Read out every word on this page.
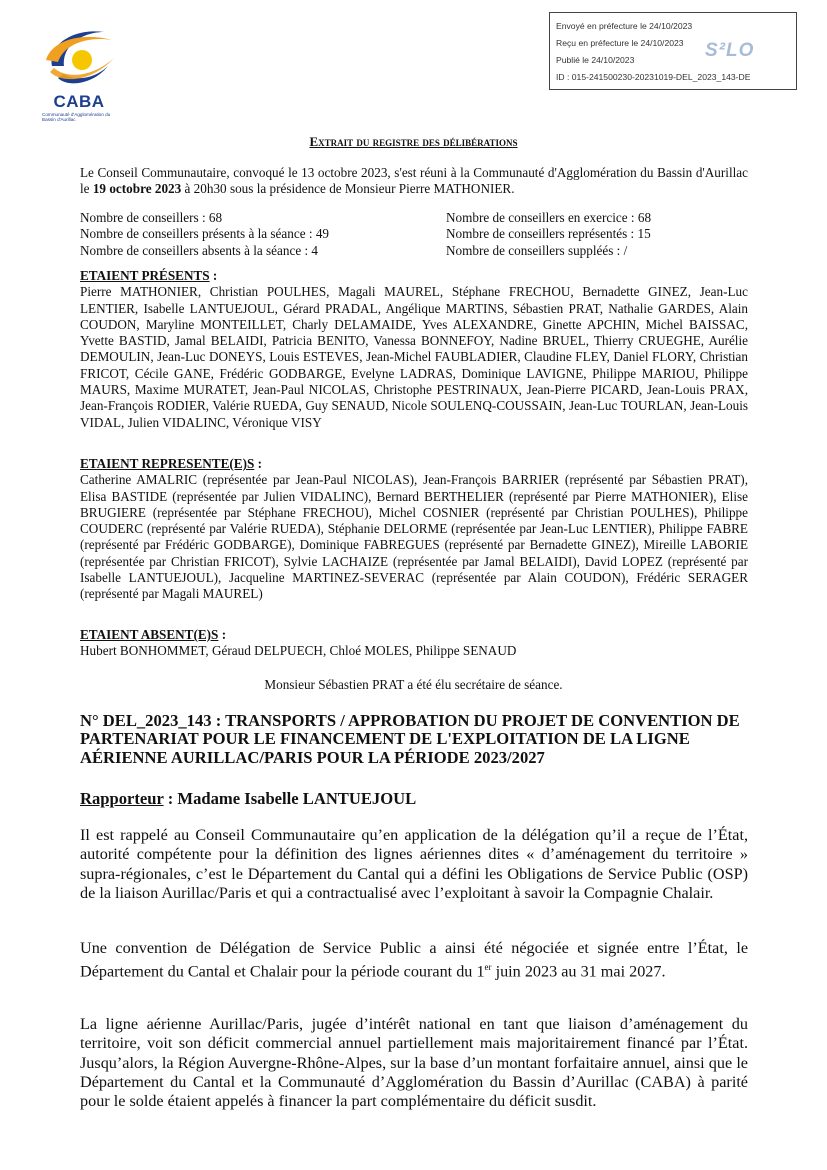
CABA
Communauté d'Agglomération du Bassin d'Aurillac
Envoyé en préfecture le 24/10/2023
Reçu en préfecture le 24/10/2023
Publié le 24/10/2023
ID : 015-241500230-20231019-DEL_2023_143-DE
S²LO
Extrait du registre des délibérations
Le Conseil Communautaire, convoqué le 13 octobre 2023, s'est réuni à la Communauté d'Agglomération du Bassin d'Aurillac le 19 octobre 2023 à 20h30 sous la présidence de Monsieur Pierre MATHONIER.
Nombre de conseillers : 68	Nombre de conseillers en exercice : 68
Nombre de conseillers présents à la séance : 49	Nombre de conseillers représentés : 15
Nombre de conseillers absents à la séance : 4	Nombre de conseillers suppléés : /
ETAIENT PRÉSENTS :
Pierre MATHONIER, Christian POULHES, Magali MAUREL, Stéphane FRECHOU, Bernadette GINEZ, Jean-Luc LENTIER, Isabelle LANTUEJOUL, Gérard PRADAL, Angélique MARTINS, Sébastien PRAT, Nathalie GARDES, Alain COUDON, Maryline MONTEILLET, Charly DELAMAIDE, Yves ALEXANDRE, Ginette APCHIN, Michel BAISSAC, Yvette BASTID, Jamal BELAIDI, Patricia BENITO, Vanessa BONNEFOY, Nadine BRUEL, Thierry CRUEGHE, Aurélie DEMOULIN, Jean-Luc DONEYS, Louis ESTEVES, Jean-Michel FAUBLADIER, Claudine FLEY, Daniel FLORY, Christian FRICOT, Cécile GANE, Frédéric GODBARGE, Evelyne LADRAS, Dominique LAVIGNE, Philippe MARIOU, Philippe MAURS, Maxime MURATET, Jean-Paul NICOLAS, Christophe PESTRINAUX, Jean-Pierre PICARD, Jean-Louis PRAX, Jean-François RODIER, Valérie RUEDA, Guy SENAUD, Nicole SOULENQ-COUSSAIN, Jean-Luc TOURLAN, Jean-Louis VIDAL, Julien VIDALINC, Véronique VISY
ETAIENT REPRESENTE(E)S :
Catherine AMALRIC (représentée par Jean-Paul NICOLAS), Jean-François BARRIER (représenté par Sébastien PRAT), Elisa BASTIDE (représentée par Julien VIDALINC), Bernard BERTHELIER (représenté par Pierre MATHONIER), Elise BRUGIERE (représentée par Stéphane FRECHOU), Michel COSNIER (représenté par Christian POULHES), Philippe COUDERC (représenté par Valérie RUEDA), Stéphanie DELORME (représentée par Jean-Luc LENTIER), Philippe FABRE (représenté par Frédéric GODBARGE), Dominique FABREGUES (représenté par Bernadette GINEZ), Mireille LABORIE (représentée par Christian FRICOT), Sylvie LACHAIZE (représentée par Jamal BELAIDI), David LOPEZ (représenté par Isabelle LANTUEJOUL), Jacqueline MARTINEZ-SEVERAC (représentée par Alain COUDON), Frédéric SERAGER (représenté par Magali MAUREL)
ETAIENT ABSENT(E)S :
Hubert BONHOMMET, Géraud DELPUECH, Chloé MOLES, Philippe SENAUD
Monsieur Sébastien PRAT a été élu secrétaire de séance.
N° DEL_2023_143 : TRANSPORTS / APPROBATION DU PROJET DE CONVENTION DE PARTENARIAT POUR LE FINANCEMENT DE L'EXPLOITATION DE LA LIGNE AÉRIENNE AURILLAC/PARIS POUR LA PÉRIODE 2023/2027
Rapporteur : Madame Isabelle LANTUEJOUL
Il est rappelé au Conseil Communautaire qu’en application de la délégation qu’il a reçue de l’État, autorité compétente pour la définition des lignes aériennes dites « d’aménagement du territoire » supra-régionales, c’est le Département du Cantal qui a défini les Obligations de Service Public (OSP) de la liaison Aurillac/Paris et qui a contractualisé avec l’exploitant à savoir la Compagnie Chalair.
Une convention de Délégation de Service Public a ainsi été négociée et signée entre l’État, le Département du Cantal et Chalair pour la période courant du 1er juin 2023 au 31 mai 2027.
La ligne aérienne Aurillac/Paris, jugée d’intérêt national en tant que liaison d’aménagement du territoire, voit son déficit commercial annuel partiellement mais majoritairement financé par l’État. Jusqu’alors, la Région Auvergne-Rhône-Alpes, sur la base d’un montant forfaitaire annuel, ainsi que le Département du Cantal et la Communauté d’Agglomération du Bassin d’Aurillac (CABA) à parité pour le solde étaient appelés à financer la part complémentaire du déficit susdit.
